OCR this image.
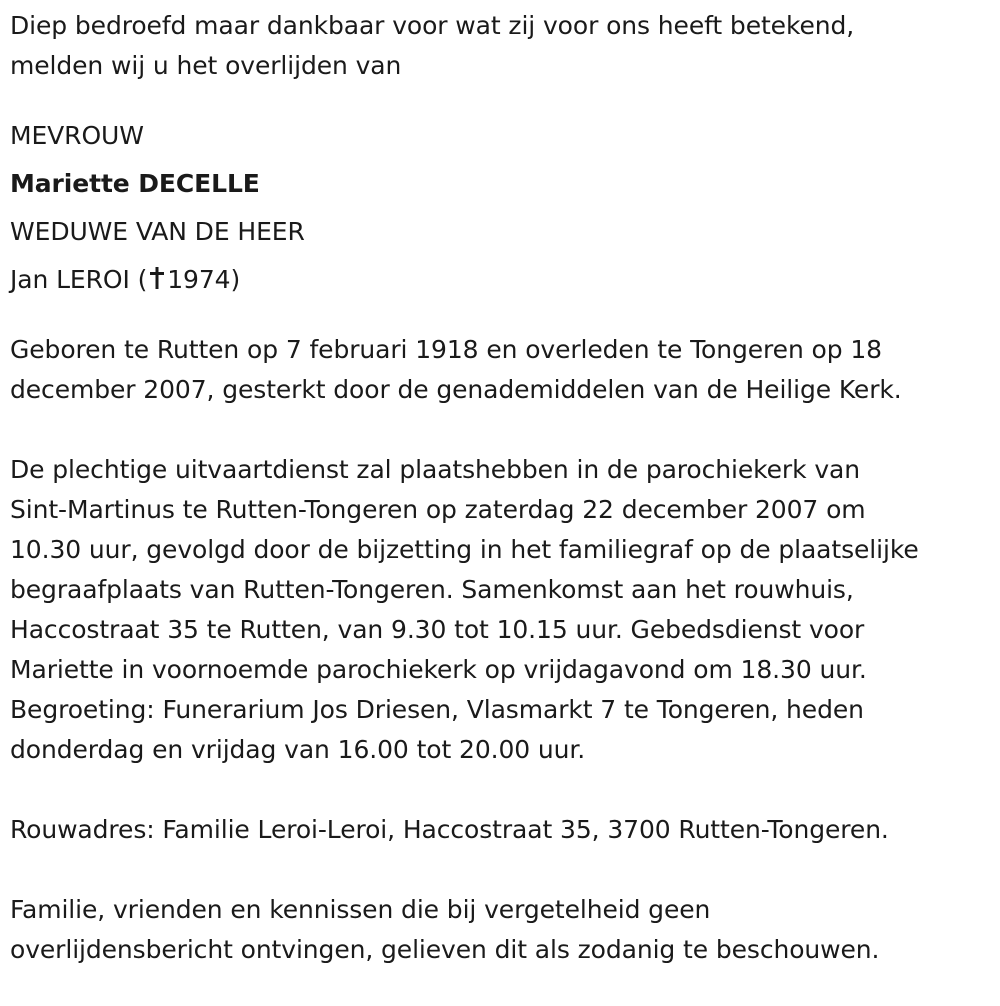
Diep bedroefd maar dankbaar voor wat zij voor ons heeft betekend,

melden wij u het overlijden van

MEVROUW

Mariette DECELLE

WEDUWE VAN DE HEER

Jan LEROI ( 1974)

Geboren te Rutten op 7 februari 1918 en overleden te Tongeren op 18

december 2007, gesterkt door de genademiddelen van de Heilige Kerk.

De plechtige uitvaartdienst zal plaatshebben in de parochiekerk van

Sint-Martinus te Rutten-Tongeren op zaterdag 22 december 2007 om

10.30 uur, gevolgd door de bijzetting in het familiegraf op de plaatselijke

begraafplaats van Rutten-Tongeren. Samenkomst aan het rouwhuis,

Haccostraat 35 te Rutten, van 9.30 tot 10.15 uur. Gebedsdienst voor

Mariette in voornoemde parochiekerk op vrijdagavond om 18.30 uur.

Begroeting: Funerarium Jos Driesen, Vlasmarkt 7 te Tongeren, heden

donderdag en vrijdag van 16.00 tot 20.00 uur.

Rouwadres: Familie Leroi-Leroi, Haccostraat 35, 3700 Rutten-Tongeren.

Familie, vrienden en kennissen die bij vergetelheid geen

overlijdensbericht ontvingen, gelieven dit als zodanig te beschouwen.
